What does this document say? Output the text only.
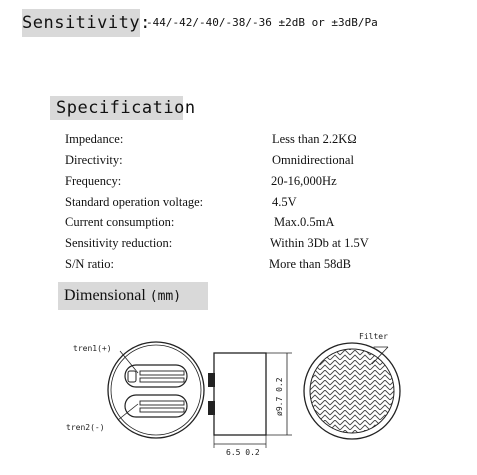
Sensitivity:
-44/-42/-40/-38/-36 ±2dB or ±3dB/Pa
Specification
Impedance:	Less than 2.2KΩ
Directivity:	Omnidirectional
Frequency:	20-16,000Hz
Standard operation voltage:	4.5V
Current consumption:	Max.0.5mA
Sensitivity reduction:	Within 3Db at 1.5V
S/N ratio:	More than 58dB
Dimensional (mm)
tren1(+)
tren2(-)
6.5 0.2
ø9.7 0.2
Filter
